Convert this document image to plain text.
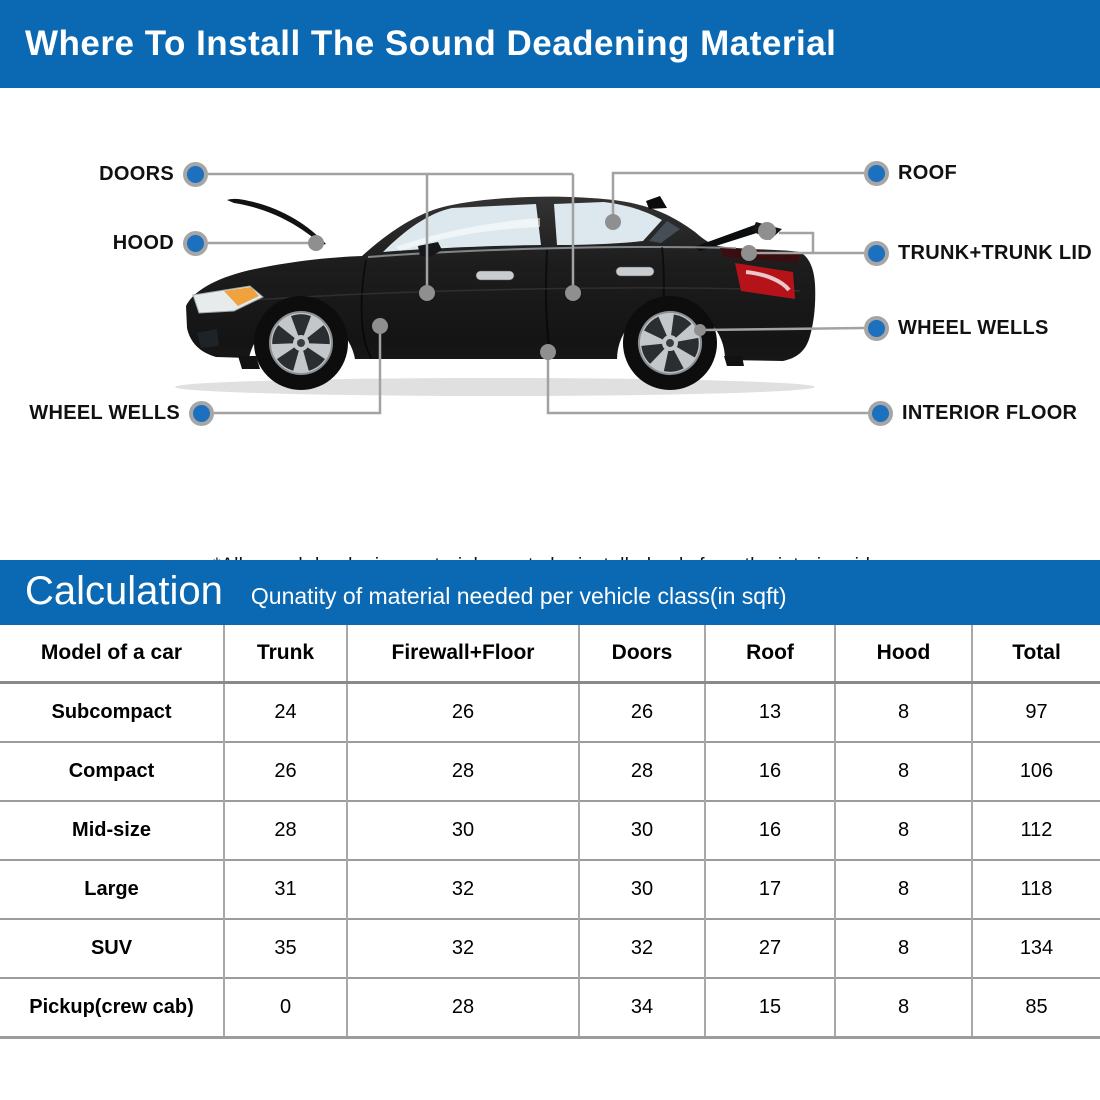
Where To Install The Sound Deadening Material
DOORS
HOOD
WHEEL WELLS
ROOF
TRUNK+TRUNK LID
WHEEL WELLS
INTERIOR FLOOR
Calculation Qunatity of material needed per vehicle class(in sqft)
Model of a car	Trunk	Firewall+Floor	Doors	Roof	Hood	Total
Subcompact	24	26	26	13	8	97
Compact	26	28	28	16	8	106
Mid-size	28	30	30	16	8	112
Large	31	32	30	17	8	118
SUV	35	32	32	27	8	134
Pickup(crew cab)	0	28	34	15	8	85
